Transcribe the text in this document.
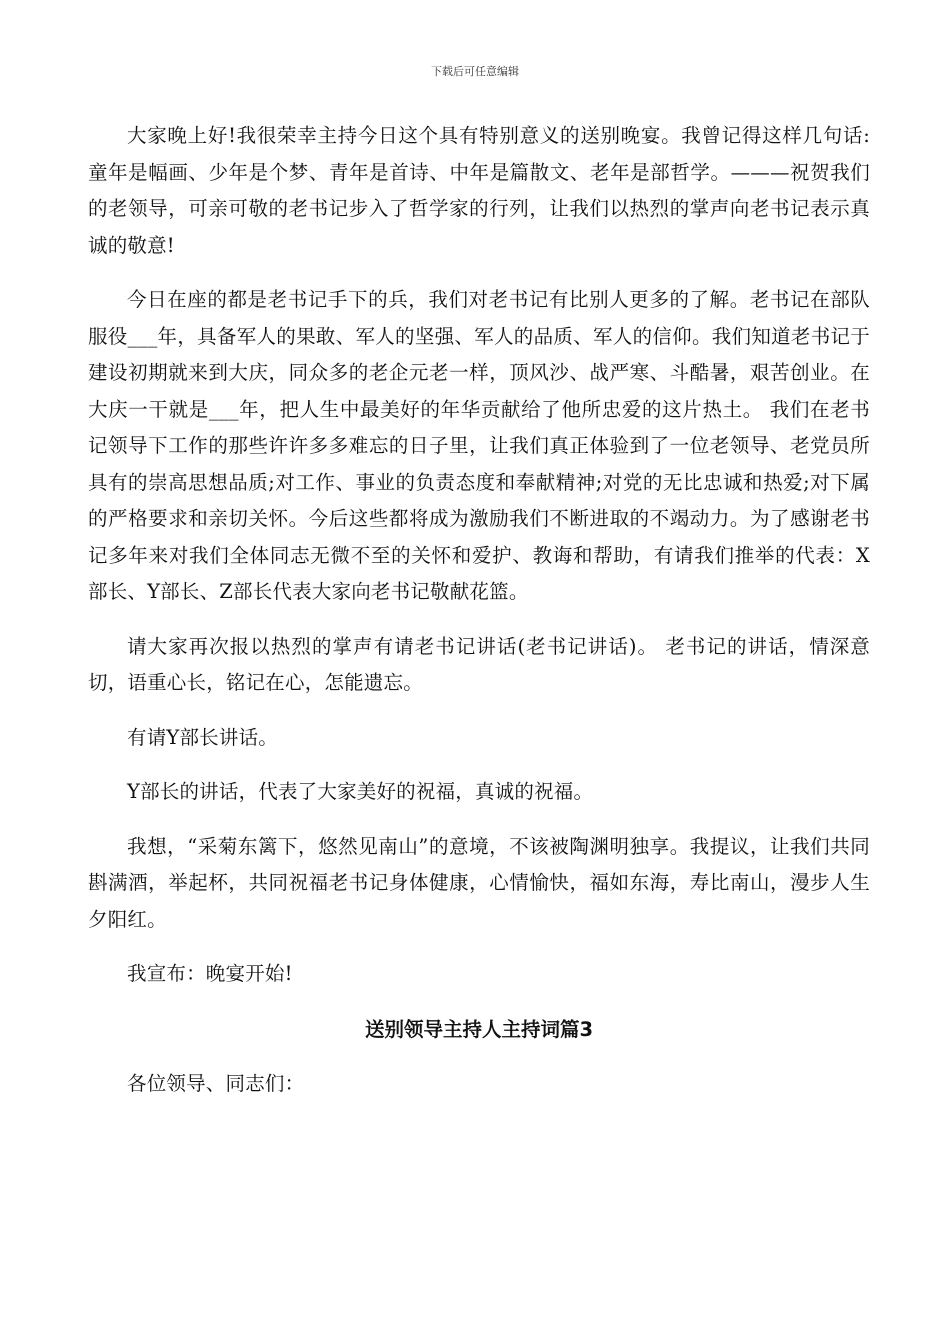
下载后可任意编辑

大家晚上好!我很荣幸主持今日这个具有特别意义的送别晚宴。我曾记得这样几句话:童年是幅画、少年是个梦、青年是首诗、中年是篇散文、老年是部哲学。———祝贺我们的老领导，可亲可敬的老书记步入了哲学家的行列，让我们以热烈的掌声向老书记表示真诚的敬意!

今日在座的都是老书记手下的兵，我们对老书记有比别人更多的了解。老书记在部队服役___年，具备军人的果敢、军人的坚强、军人的品质、军人的信仰。我们知道老书记于建设初期就来到大庆，同众多的老企元老一样，顶风沙、战严寒、斗酷暑，艰苦创业。在大庆一干就是___年，把人生中最美好的年华贡献给了他所忠爱的这片热土。 我们在老书记领导下工作的那些许许多多难忘的日子里，让我们真正体验到了一位老领导、老党员所具有的崇高思想品质;对工作、事业的负责态度和奉献精神;对党的无比忠诚和热爱;对下属的严格要求和亲切关怀。今后这些都将成为激励我们不断进取的不竭动力。为了感谢老书记多年来对我们全体同志无微不至的关怀和爱护、教诲和帮助，有请我们推举的代表：X部长、Y部长、Z部长代表大家向老书记敬献花篮。

请大家再次报以热烈的掌声有请老书记讲话(老书记讲话)。 老书记的讲话，情深意切，语重心长，铭记在心，怎能遗忘。

有请Y部长讲话。

Y部长的讲话，代表了大家美好的祝福，真诚的祝福。

我想，“采菊东篱下，悠然见南山”的意境，不该被陶渊明独享。我提议，让我们共同斟满酒，举起杯，共同祝福老书记身体健康，心情愉快，福如东海，寿比南山，漫步人生夕阳红。

我宣布：晚宴开始!

送别领导主持人主持词篇3

各位领导、同志们：
